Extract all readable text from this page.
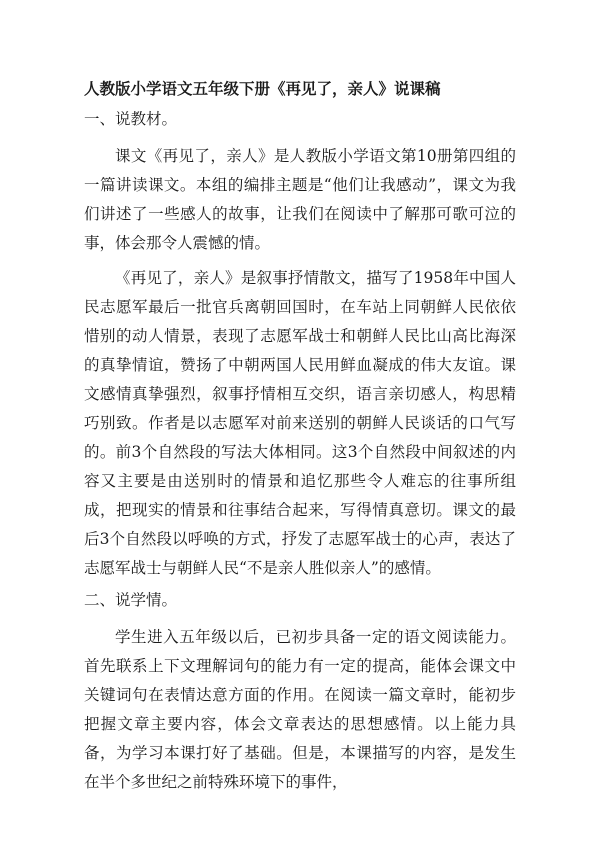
人教版小学语文五年级下册《再见了，亲人》说课稿
一、说教材。

课文《再见了，亲人》是人教版小学语文第10册第四组的一篇讲读课文。本组的编排主题是“他们让我感动”，课文为我们讲述了一些感人的故事，让我们在阅读中了解那可歌可泣的事，体会那令人震憾的情。

《再见了，亲人》是叙事抒情散文，描写了1958年中国人民志愿军最后一批官兵离朝回国时，在车站上同朝鲜人民依依惜别的动人情景，表现了志愿军战士和朝鲜人民比山高比海深的真挚情谊，赞扬了中朝两国人民用鲜血凝成的伟大友谊。课文感情真挚强烈，叙事抒情相互交织，语言亲切感人，构思精巧别致。作者是以志愿军对前来送别的朝鲜人民谈话的口气写的。前3个自然段的写法大体相同。这3个自然段中间叙述的内容又主要是由送别时的情景和追忆那些令人难忘的往事所组成，把现实的情景和往事结合起来，写得情真意切。课文的最后3个自然段以呼唤的方式，抒发了志愿军战士的心声，表达了志愿军战士与朝鲜人民“不是亲人胜似亲人”的感情。

二、说学情。

学生进入五年级以后，已初步具备一定的语文阅读能力。首先联系上下文理解词句的能力有一定的提高，能体会课文中关键词句在表情达意方面的作用。在阅读一篇文章时，能初步把握文章主要内容，体会文章表达的思想感情。以上能力具备，为学习本课打好了基础。但是，本课描写的内容，是发生在半个多世纪之前特殊环境下的事件，
